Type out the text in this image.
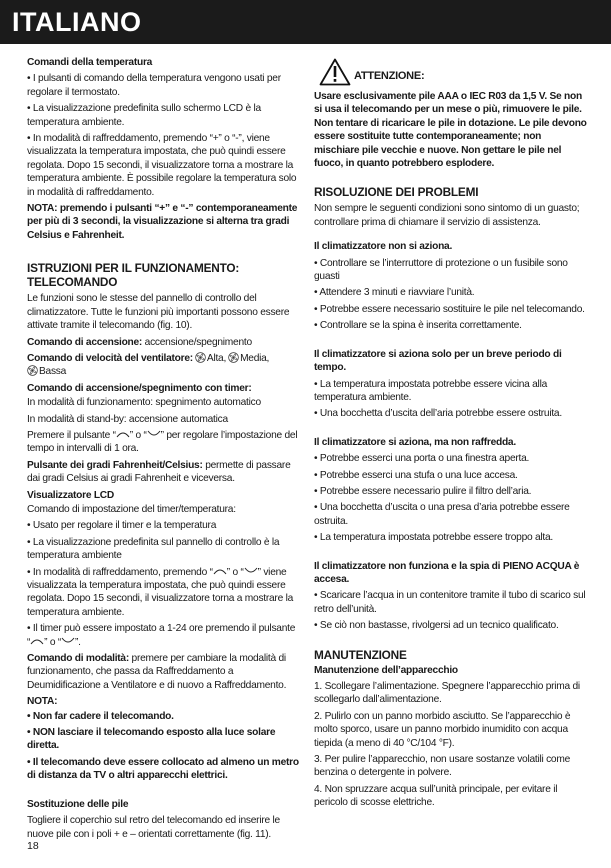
ITALIANO

Comandi della temperatura

• I pulsanti di comando della temperatura vengono usati per regolare il termostato.

• La visualizzazione predefinita sullo schermo LCD è la temperatura ambiente.

• In modalità di raffreddamento, premendo “+” o “-”, viene visualizzata la temperatura impostata, che può quindi essere regolata. Dopo 15 secondi, il visualizzatore torna a mostrare la temperatura ambiente. È possibile regolare la temperatura solo in modalità di raffreddamento.

NOTA: premendo i pulsanti “+” e “-” contemporaneamente per più di 3 secondi, la visualizzazione si alterna tra gradi Celsius e Fahrenheit.

ISTRUZIONI PER IL FUNZIONAMENTO: TELECOMANDO

Le funzioni sono le stesse del pannello di controllo del climatizzatore. Tutte le funzioni più importanti possono essere attivate tramite il telecomando (fig. 10).

Comando di accensione: accensione/spegnimento

Comando di velocità del ventilatore: Alta, Media,
Bassa

Comando di accensione/spegnimento con timer:

In modalità di funzionamento: spegnimento automatico

In modalità di stand-by: accensione automatica

Premere il pulsante “ ” o “ ” per regolare l’impostazione del tempo in intervalli di 1 ora.

Pulsante dei gradi Fahrenheit/Celsius: permette di passare dai gradi Celsius ai gradi Fahrenheit e viceversa.

Visualizzatore LCD

Comando di impostazione del timer/temperatura:

• Usato per regolare il timer e la temperatura

• La visualizzazione predefinita sul pannello di controllo è la temperatura ambiente

• In modalità di raffreddamento, premendo “ ” o “ ” viene visualizzata la temperatura impostata, che può quindi essere regolata. Dopo 15 secondi, il visualizzatore torna a mostrare la temperatura ambiente.

• Il timer può essere impostato a 1-24 ore premendo il pulsante “ ” o “ ”.

Comando di modalità: premere per cambiare la modalità di funzionamento, che passa da Raffreddamento a Deumidificazione a Ventilatore e di nuovo a Raffreddamento.

NOTA:

• Non far cadere il telecomando.

• NON lasciare il telecomando esposto alla luce solare diretta.

• Il telecomando deve essere collocato ad almeno un metro di distanza da TV o altri apparecchi elettrici.

Sostituzione delle pile

Togliere il coperchio sul retro del telecomando ed inserire le nuove pile con i poli + e – orientati correttamente (fig. 11).

ATTENZIONE:

Usare esclusivamente pile AAA o IEC R03 da 1,5 V. Se non si usa il telecomando per un mese o più, rimuovere le pile. Non tentare di ricaricare le pile in dotazione. Le pile devono essere sostituite tutte contemporaneamente; non mischiare pile vecchie e nuove. Non gettare le pile nel fuoco, in quanto potrebbero esplodere.

RISOLUZIONE DEI PROBLEMI

Non sempre le seguenti condizioni sono sintomo di un guasto; controllare prima di chiamare il servizio di assistenza.

Il climatizzatore non si aziona.

• Controllare se l’interruttore di protezione o un fusibile sono guasti

• Attendere 3 minuti e riavviare l’unità.

• Potrebbe essere necessario sostituire le pile nel telecomando.

• Controllare se la spina è inserita correttamente.

Il climatizzatore si aziona solo per un breve periodo di tempo.

• La temperatura impostata potrebbe essere vicina alla temperatura ambiente.

• Una bocchetta d’uscita dell’aria potrebbe essere ostruita.

Il climatizzatore si aziona, ma non raffredda.

• Potrebbe esserci una porta o una finestra aperta.

• Potrebbe esserci una stufa o una luce accesa.

• Potrebbe essere necessario pulire il filtro dell’aria.

• Una bocchetta d’uscita o una presa d’aria potrebbe essere ostruita.

• La temperatura impostata potrebbe essere troppo alta.

Il climatizzatore non funziona e la spia di PIENO ACQUA è accesa.

• Scaricare l’acqua in un contenitore tramite il tubo di scarico sul retro dell’unità.

• Se ciò non bastasse, rivolgersi ad un tecnico qualificato.

MANUTENZIONE

Manutenzione dell’apparecchio

1. Scollegare l’alimentazione. Spegnere l’apparecchio prima di scollegarlo dall’alimentazione.

2. Pulirlo con un panno morbido asciutto. Se l’apparecchio è molto sporco, usare un panno morbido inumidito con acqua tiepida (a meno di 40 °C/104 °F).

3. Per pulire l’apparecchio, non usare sostanze volatili come benzina o detergente in polvere.

4. Non spruzzare acqua sull’unità principale, per evitare il pericolo di scosse elettriche.

18
